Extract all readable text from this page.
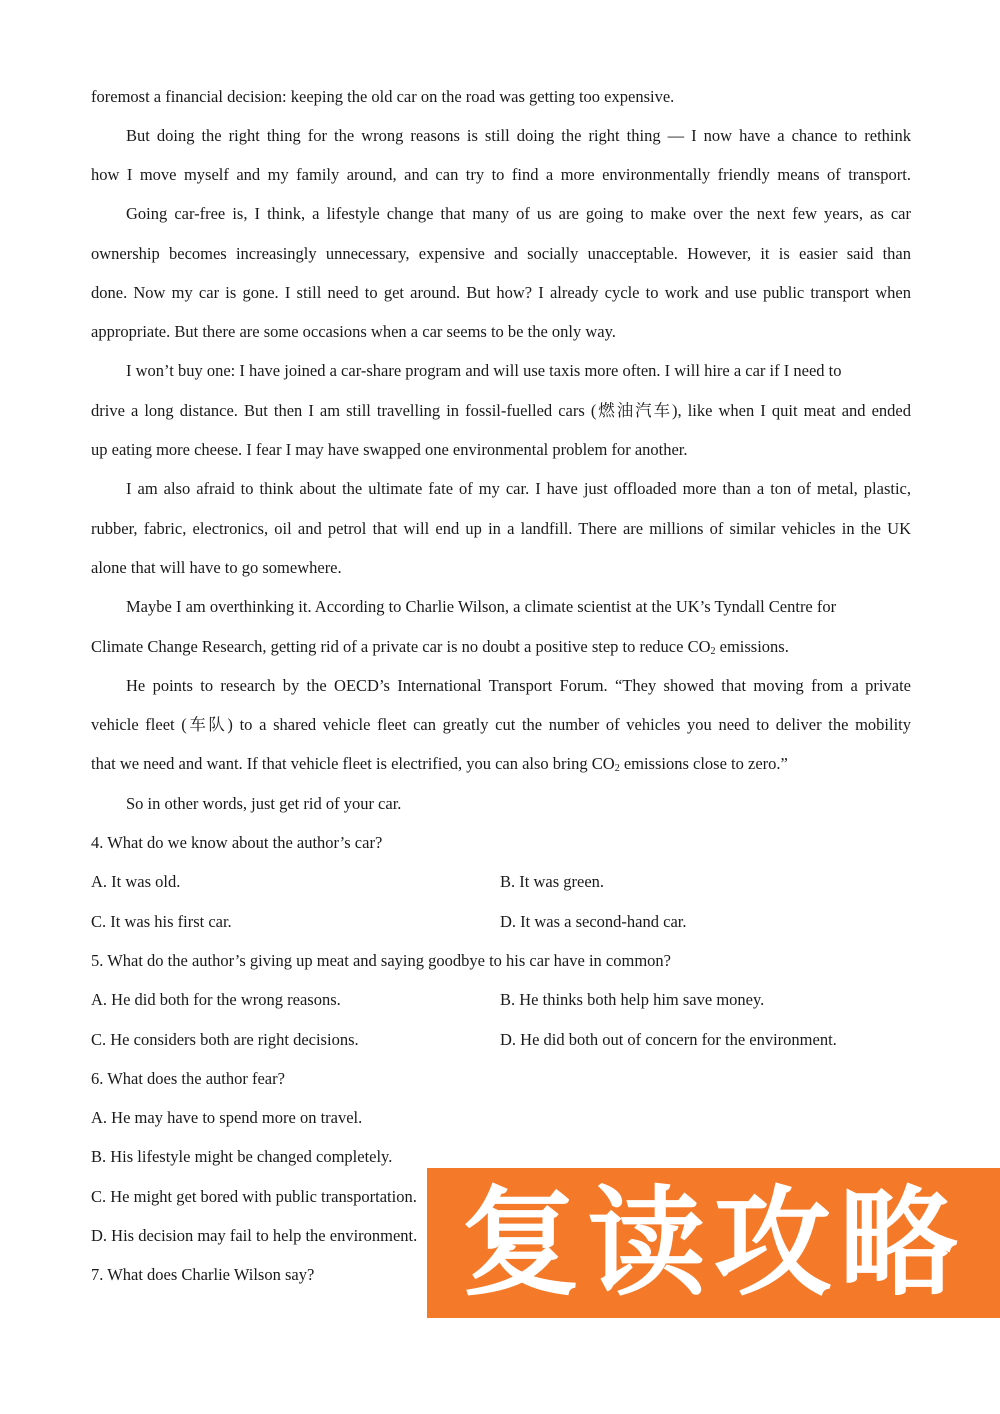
foremost a financial decision: keeping the old car on the road was getting too expensive.
But doing the right thing for the wrong reasons is still doing the right thing — I now have a chance to rethink
how I move myself and my family around, and can try to find a more environmentally friendly means of transport.
Going car-free is, I think, a lifestyle change that many of us are going to make over the next few years, as car
ownership becomes increasingly unnecessary, expensive and socially unacceptable. However, it is easier said than
done. Now my car is gone. I still need to get around. But how? I already cycle to work and use public transport when
appropriate. But there are some occasions when a car seems to be the only way.
I won’t buy one: I have joined a car-share program and will use taxis more often. I will hire a car if I need to
drive a long distance. But then I am still travelling in fossil-fuelled cars (燃油汽车), like when I quit meat and ended
up eating more cheese. I fear I may have swapped one environmental problem for another.
I am also afraid to think about the ultimate fate of my car. I have just offloaded more than a ton of metal, plastic,
rubber, fabric, electronics, oil and petrol that will end up in a landfill. There are millions of similar vehicles in the UK
alone that will have to go somewhere.
Maybe I am overthinking it. According to Charlie Wilson, a climate scientist at the UK’s Tyndall Centre for
Climate Change Research, getting rid of a private car is no doubt a positive step to reduce $CO_2$ emissions.
He points to research by the OECD’s International Transport Forum. “They showed that moving from a private
vehicle fleet (车队) to a shared vehicle fleet can greatly cut the number of vehicles you need to deliver the mobility
that we need and want. If that vehicle fleet is electrified, you can also bring $CO_2$ emissions close to zero.”
So in other words, just get rid of your car.
4. What do we know about the author’s car?
A. It was old.	B. It was green.
C. It was his first car.	D. It was a second-hand car.
5. What do the author’s giving up meat and saying goodbye to his car have in common?
A. He did both for the wrong reasons.	B. He thinks both help him save money.
C. He considers both are right decisions.	D. He did both out of concern for the environment.
6. What does the author fear?
A. He may have to spend more on travel.
B. His lifestyle might be changed completely.
C. He might get bored with public transportation.
D. His decision may fail to help the environment.
7. What does Charlie Wilson say?	复读攻略
